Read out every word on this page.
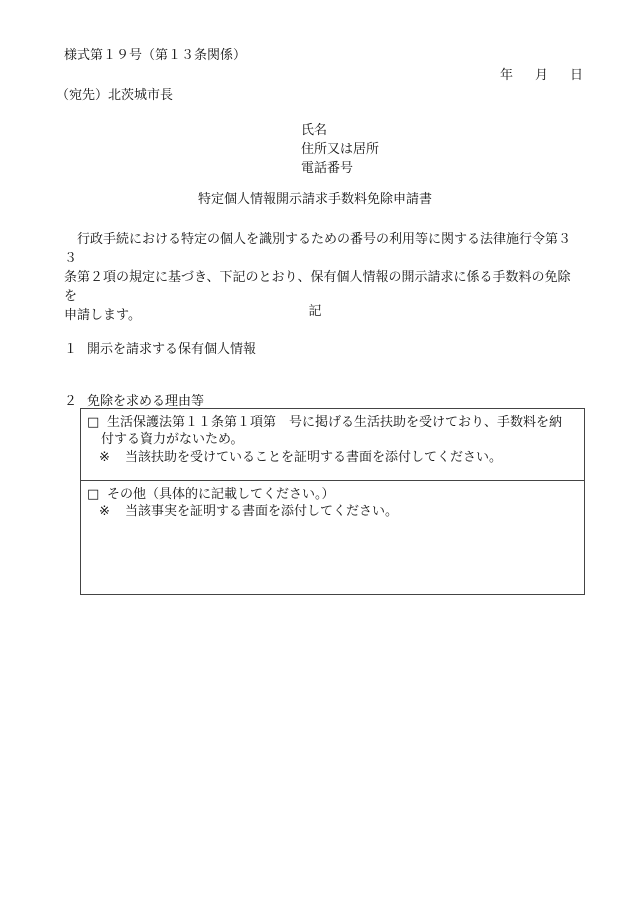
様式第１９号（第１３条関係）
年 月 日
（宛先）北茨城市長
氏名
住所又は居所
電話番号
特定個人情報開示請求手数料免除申請書

　行政手続における特定の個人を識別するための番号の利用等に関する法律施行令第３３

条第２項の規定に基づき、下記のとおり、保有個人情報の開示請求に係る手数料の免除を

申請します。	記
１ 開示を請求する保有個人情報
２ 免除を求める理由等
□ 生活保護法第１１条第１項第　号に掲げる生活扶助を受けており、手数料を納
付する資力がないため。
※ 当該扶助を受けていることを証明する書面を添付してください。
□ その他（具体的に記載してください。）
※ 当該事実を証明する書面を添付してください。
